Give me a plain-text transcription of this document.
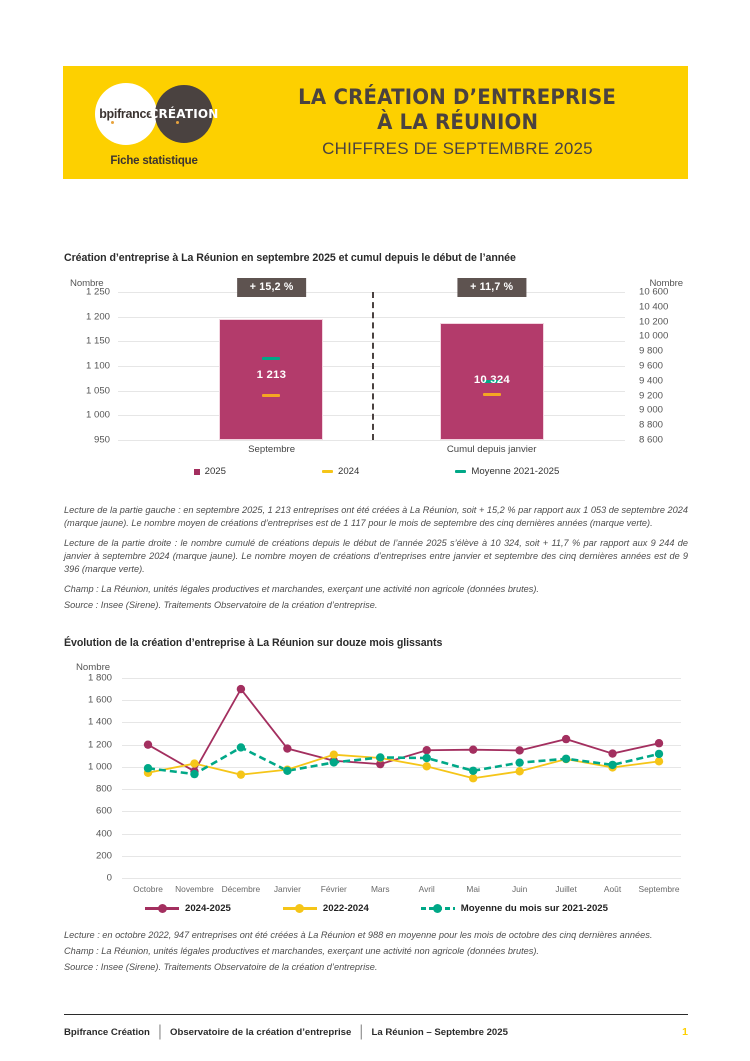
bpifrance
CRÉATION
Fiche statistique
LA CRÉATION D’ENTREPRISE
À LA RÉUNION
CHIFFRES DE SEPTEMBRE 2025
Création d’entreprise à La Réunion en septembre 2025 et cumul depuis le début de l’année
Nombre	Nombre
1 250
1 200
1 150
1 100
1 050
1 000
950
10 600
10 400
10 200
10 000
9 800
9 600
9 400
9 200
9 000
8 800
8 600
1 213	10 324
+ 15,2 %	+ 11,7 %
Septembre	Cumul depuis janvier
2025	2024	Moyenne 2021-2025

Lecture de la partie gauche : en septembre 2025, 1 213 entreprises ont été créées à La Réunion, soit + 15,2 % par rapport aux 1 053 de septembre 2024 (marque jaune). Le nombre moyen de créations d’entreprises est de 1 117 pour le mois de septembre des cinq dernières années (marque verte).

Lecture de la partie droite : le nombre cumulé de créations depuis le début de l’année 2025 s’élève à 10 324, soit + 11,7 % par rapport aux 9 244 de janvier à septembre 2024 (marque jaune). Le nombre moyen de créations d’entreprises entre janvier et septembre des cinq dernières années est de 9 396 (marque verte).

Champ : La Réunion, unités légales productives et marchandes, exerçant une activité non agricole (données brutes).

Source : Insee (Sirene). Traitements Observatoire de la création d’entreprise.

Évolution de la création d’entreprise à La Réunion sur douze mois glissants
Nombre
1 800
1 600
1 400
1 200
1 000
800
600
400
200
0
Octobre Novembre Décembre Janvier Février	Mars	Avril	Mai	Juin	Juillet	Août Septembre
2024-2025	2022-2024	Moyenne du mois sur 2021-2025

Lecture : en octobre 2022, 947 entreprises ont été créées à La Réunion et 988 en moyenne pour les mois de octobre des cinq dernières années.

Champ : La Réunion, unités légales productives et marchandes, exerçant une activité non agricole (données brutes).

Source : Insee (Sirene). Traitements Observatoire de la création d’entreprise.

Bpifrance Création | Observatoire de la création d’entreprise | La Réunion – Septembre 2025	1
